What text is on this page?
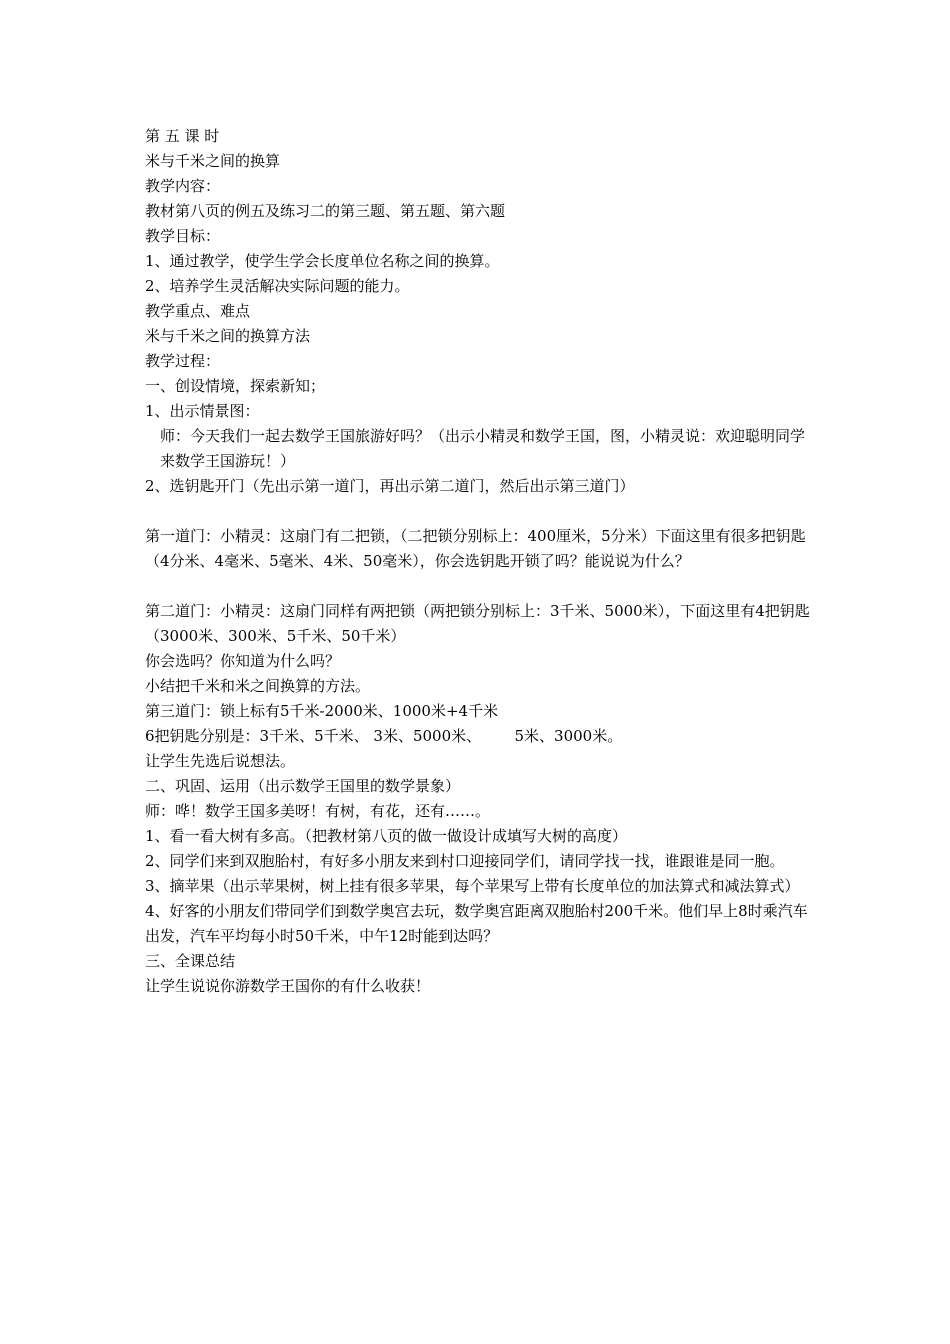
第 五 课 时
米与千米之间的换算
教学内容：
教材第八页的例五及练习二的第三题、第五题、第六题
教学目标：
1、通过教学，使学生学会长度单位名称之间的换算。
2、培养学生灵活解决实际问题的能力。
教学重点、难点
米与千米之间的换算方法
教学过程：
一、创设情境，探索新知；
1、出示情景图：
师：今天我们一起去数学王国旅游好吗？（出示小精灵和数学王国，图，小精灵说：欢迎聪明同学来数学王国游玩！）
2、选钥匙开门（先出示第一道门，再出示第二道门，然后出示第三道门）
第一道门：小精灵：这扇门有二把锁，（二把锁分别标上：400厘米，5分米）下面这里有很多把钥匙（4分米、4毫米、5毫米、4米、50毫米），你会选钥匙开锁了吗？能说说为什么？
第二道门：小精灵：这扇门同样有两把锁（两把锁分别标上：3千米、5000米），下面这里有4把钥匙（3000米、300米、5千米、50千米）
你会选吗？你知道为什么吗？
小结把千米和米之间换算的方法。
第三道门：锁上标有5千米-2000米、1000米+4千米
6把钥匙分别是：3千米、5千米、 3米、5000米、       5米、3000米。
让学生先选后说想法。
二、巩固、运用（出示数学王国里的数学景象）
师：哗！数学王国多美呀！有树，有花，还有……。
1、看一看大树有多高。（把教材第八页的做一做设计成填写大树的高度）
2、同学们来到双胞胎村，有好多小朋友来到村口迎接同学们，请同学找一找，谁跟谁是同一胞。
3、摘苹果（出示苹果树，树上挂有很多苹果，每个苹果写上带有长度单位的加法算式和减法算式）
4、好客的小朋友们带同学们到数学奥宫去玩，数学奥宫距离双胞胎村200千米。他们早上8时乘汽车出发，汽车平均每小时50千米，中午12时能到达吗？
三、全课总结
让学生说说你游数学王国你的有什么收获！
